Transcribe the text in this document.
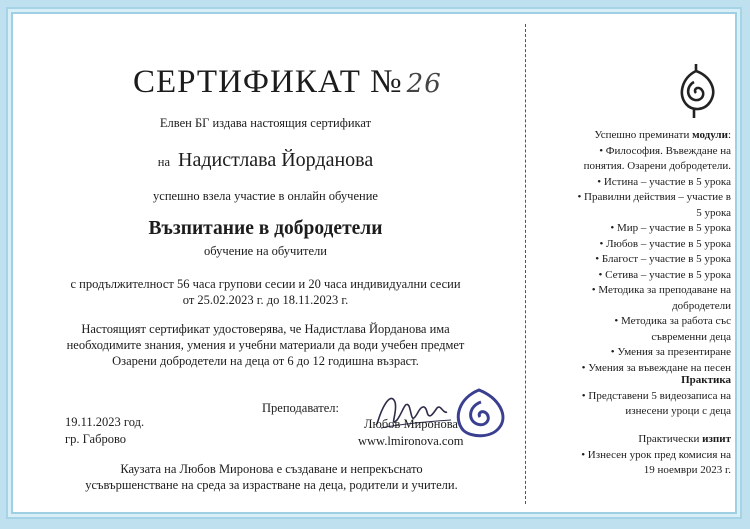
СЕРТИФИКАТ № 26
Елвен БГ издава настоящия сертификат
на Надистлава Йорданова
успешно взела участие в онлайн обучение
Възпитание в добродетели
обучение на обучители
с продължителност 56 часа групови сесии и 20 часа индивидуални сесии
от 25.02.2023 г. до 18.11.2023 г.
Настоящият сертификат удостоверява, че Надистлава Йорданова има
необходимите знания, умения и учебни материали да води учебен предмет
Озарени добродетели на деца от 6 до 12 годишна възраст.
19.11.2023 год.
гр. Габрово
Преподавател:
Любов Миронова
www.lmironova.com
Каузата на Любов Миронова е създаване и непрекъснато
усъвършенстване на среда за израстване на деца, родители и учители.
Успешно преминати модули:
• Философия. Въвеждане на
понятия. Озарени добродетели.
• Истина – участие в 5 урока
• Правилни действия – участие в
5 урока
• Мир – участие в 5 урока
• Любов – участие в 5 урока
• Благост – участие в 5 урока
• Сетива – участие в 5 урока
• Методика за преподаване на
добродетели
• Методика за работа със
съвременни деца
• Умения за презентиране
• Умения за въвеждане на песен
Практика
• Представени 5 видеозаписа на
изнесени уроци с деца
Практически изпит
• Изнесен урок пред комисия на
19 ноември 2023 г.
